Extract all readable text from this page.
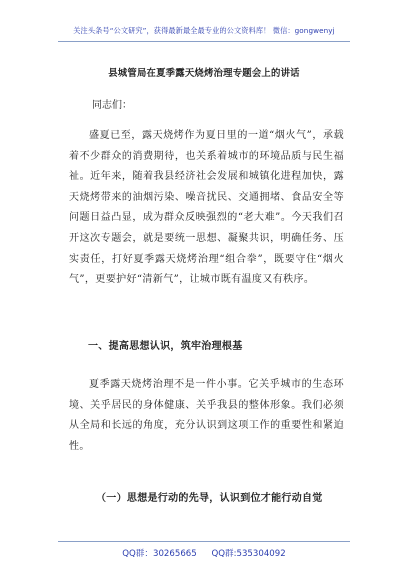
关注头条号“公文研究”，获得最新最全最专业的公文资料库！ 微信：gongwenyj
县城管局在夏季露天烧烤治理专题会上的讲话
同志们：

盛夏已至，露天烧烤作为夏日里的一道“烟火气”，承载着不少群众的消费期待，也关系着城市的环境品质与民生福祉。近年来，随着我县经济社会发展和城镇化进程加快，露天烧烤带来的油烟污染、噪音扰民、交通拥堵、食品安全等问题日益凸显，成为群众反映强烈的“老大难”。今天我们召开这次专题会，就是要统一思想、凝聚共识，明确任务、压实责任，打好夏季露天烧烤治理“组合拳”，既要守住“烟火气”，更要护好“清新气”，让城市既有温度又有秩序。

一、提高思想认识，筑牢治理根基

夏季露天烧烤治理不是一件小事。它关乎城市的生态环境、关乎居民的身体健康、关乎我县的整体形象。我们必须从全局和长远的角度，充分认识到这项工作的重要性和紧迫性。

（一）思想是行动的先导，认识到位才能行动自觉
QQ群：30265665 QQ群:535304092
